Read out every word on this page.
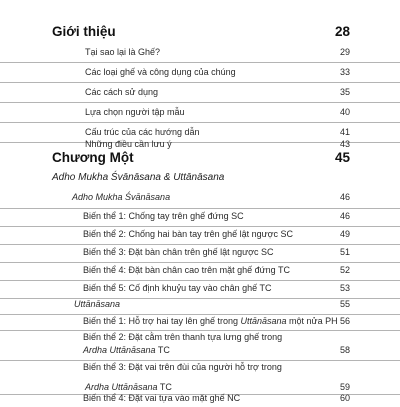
Giới thiệu	28
Tại sao lại là Ghế?	29
Các loại ghế và công dụng của chúng	33
Các cách sử dụng	35
Lựa chọn người tập mẫu	40
Cấu trúc của các hướng dẫn	41
Những điều cần lưu ý	43
Chương Một	45
Adho Mukha Śvānāsana & Uttānāsana
Adho Mukha Śvānāsana	46
Biến thể 1: Chống tay trên ghế đứng SC	46
Biến thể 2: Chống hai bàn tay trên ghế lật ngược SC	49
Biến thể 3: Đặt bàn chân trên ghế lật ngược SC	51
Biến thể 4: Đặt bàn chân cao trên mặt ghế đứng TC	52
Biến thể 5: Cố định khuỷu tay vào chân ghế TC	53
Uttānāsana	55
Biến thể 1: Hỗ trợ hai tay lên ghế trong Uttānāsana một nửa PH 56
Biến thể 2: Đặt cằm trên thanh tựa lưng ghế trong
Ardha Uttānāsana TC	58
Biến thể 3: Đặt vai trên đùi của người hỗ trợ trong
Ardha Uttānāsana TC	59
Biến thể 4: Đặt vai tựa vào mặt ghế NC	60
